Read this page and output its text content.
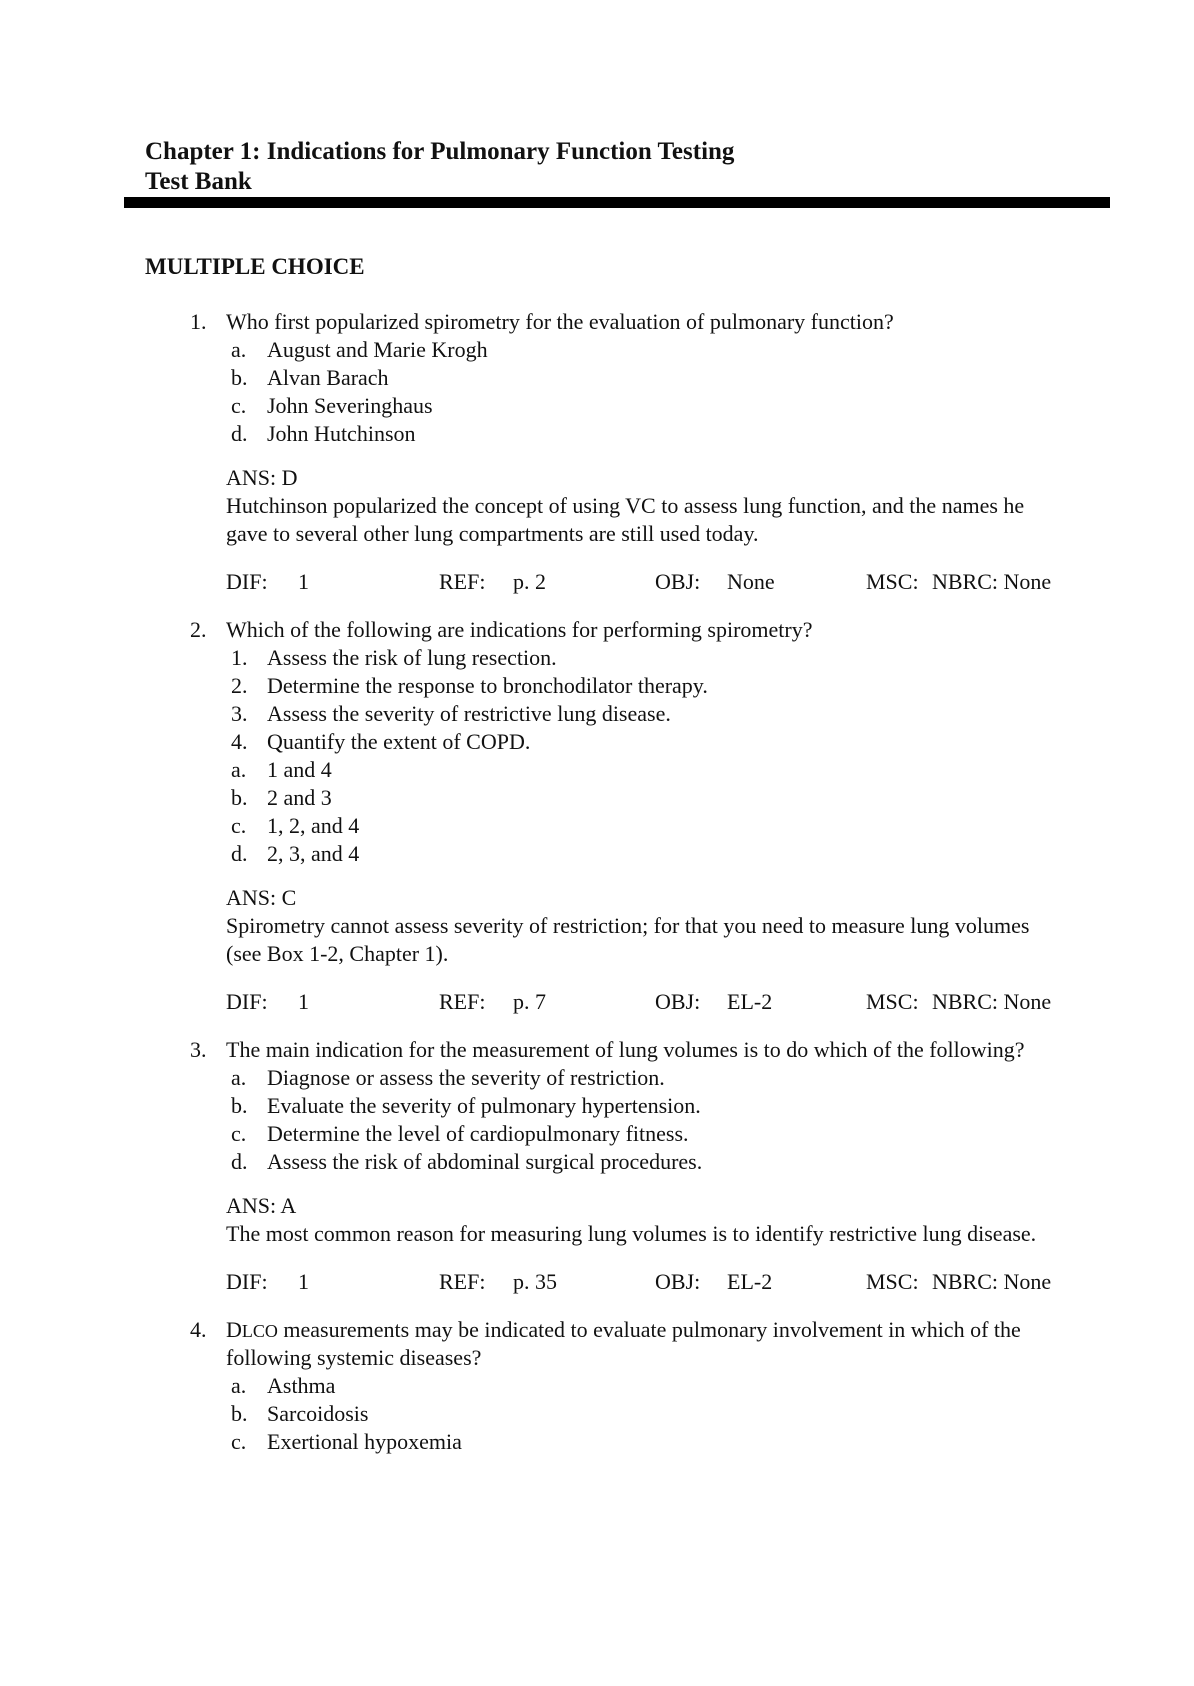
Chapter 1: Indications for Pulmonary Function Testing
Test Bank
MULTIPLE CHOICE
1. Who first popularized spirometry for the evaluation of pulmonary function?
a. August and Marie Krogh
b. Alvan Barach
c. John Severinghaus
d. John Hutchinson
ANS: D
Hutchinson popularized the concept of using VC to assess lung function, and the names he
gave to several other lung compartments are still used today.
DIF: 1	REF: p. 2	OBJ: None	MSC: NBRC: None
2. Which of the following are indications for performing spirometry?
1. Assess the risk of lung resection.
2. Determine the response to bronchodilator therapy.
3. Assess the severity of restrictive lung disease.
4. Quantify the extent of COPD.
a. 1 and 4
b. 2 and 3
c. 1, 2, and 4
d. 2, 3, and 4
ANS: C
Spirometry cannot assess severity of restriction; for that you need to measure lung volumes
(see Box 1-2, Chapter 1).
DIF: 1	REF: p. 7	OBJ: EL-2	MSC: NBRC: None
3. The main indication for the measurement of lung volumes is to do which of the following?
a. Diagnose or assess the severity of restriction.
b. Evaluate the severity of pulmonary hypertension.
c. Determine the level of cardiopulmonary fitness.
d. Assess the risk of abdominal surgical procedures.
ANS: A
The most common reason for measuring lung volumes is to identify restrictive lung disease.
DIF: 1	REF: p. 35	OBJ: EL-2	MSC: NBRC: None
4. DLCO measurements may be indicated to evaluate pulmonary involvement in which of the
following systemic diseases?
a. Asthma
b. Sarcoidosis
c. Exertional hypoxemia
